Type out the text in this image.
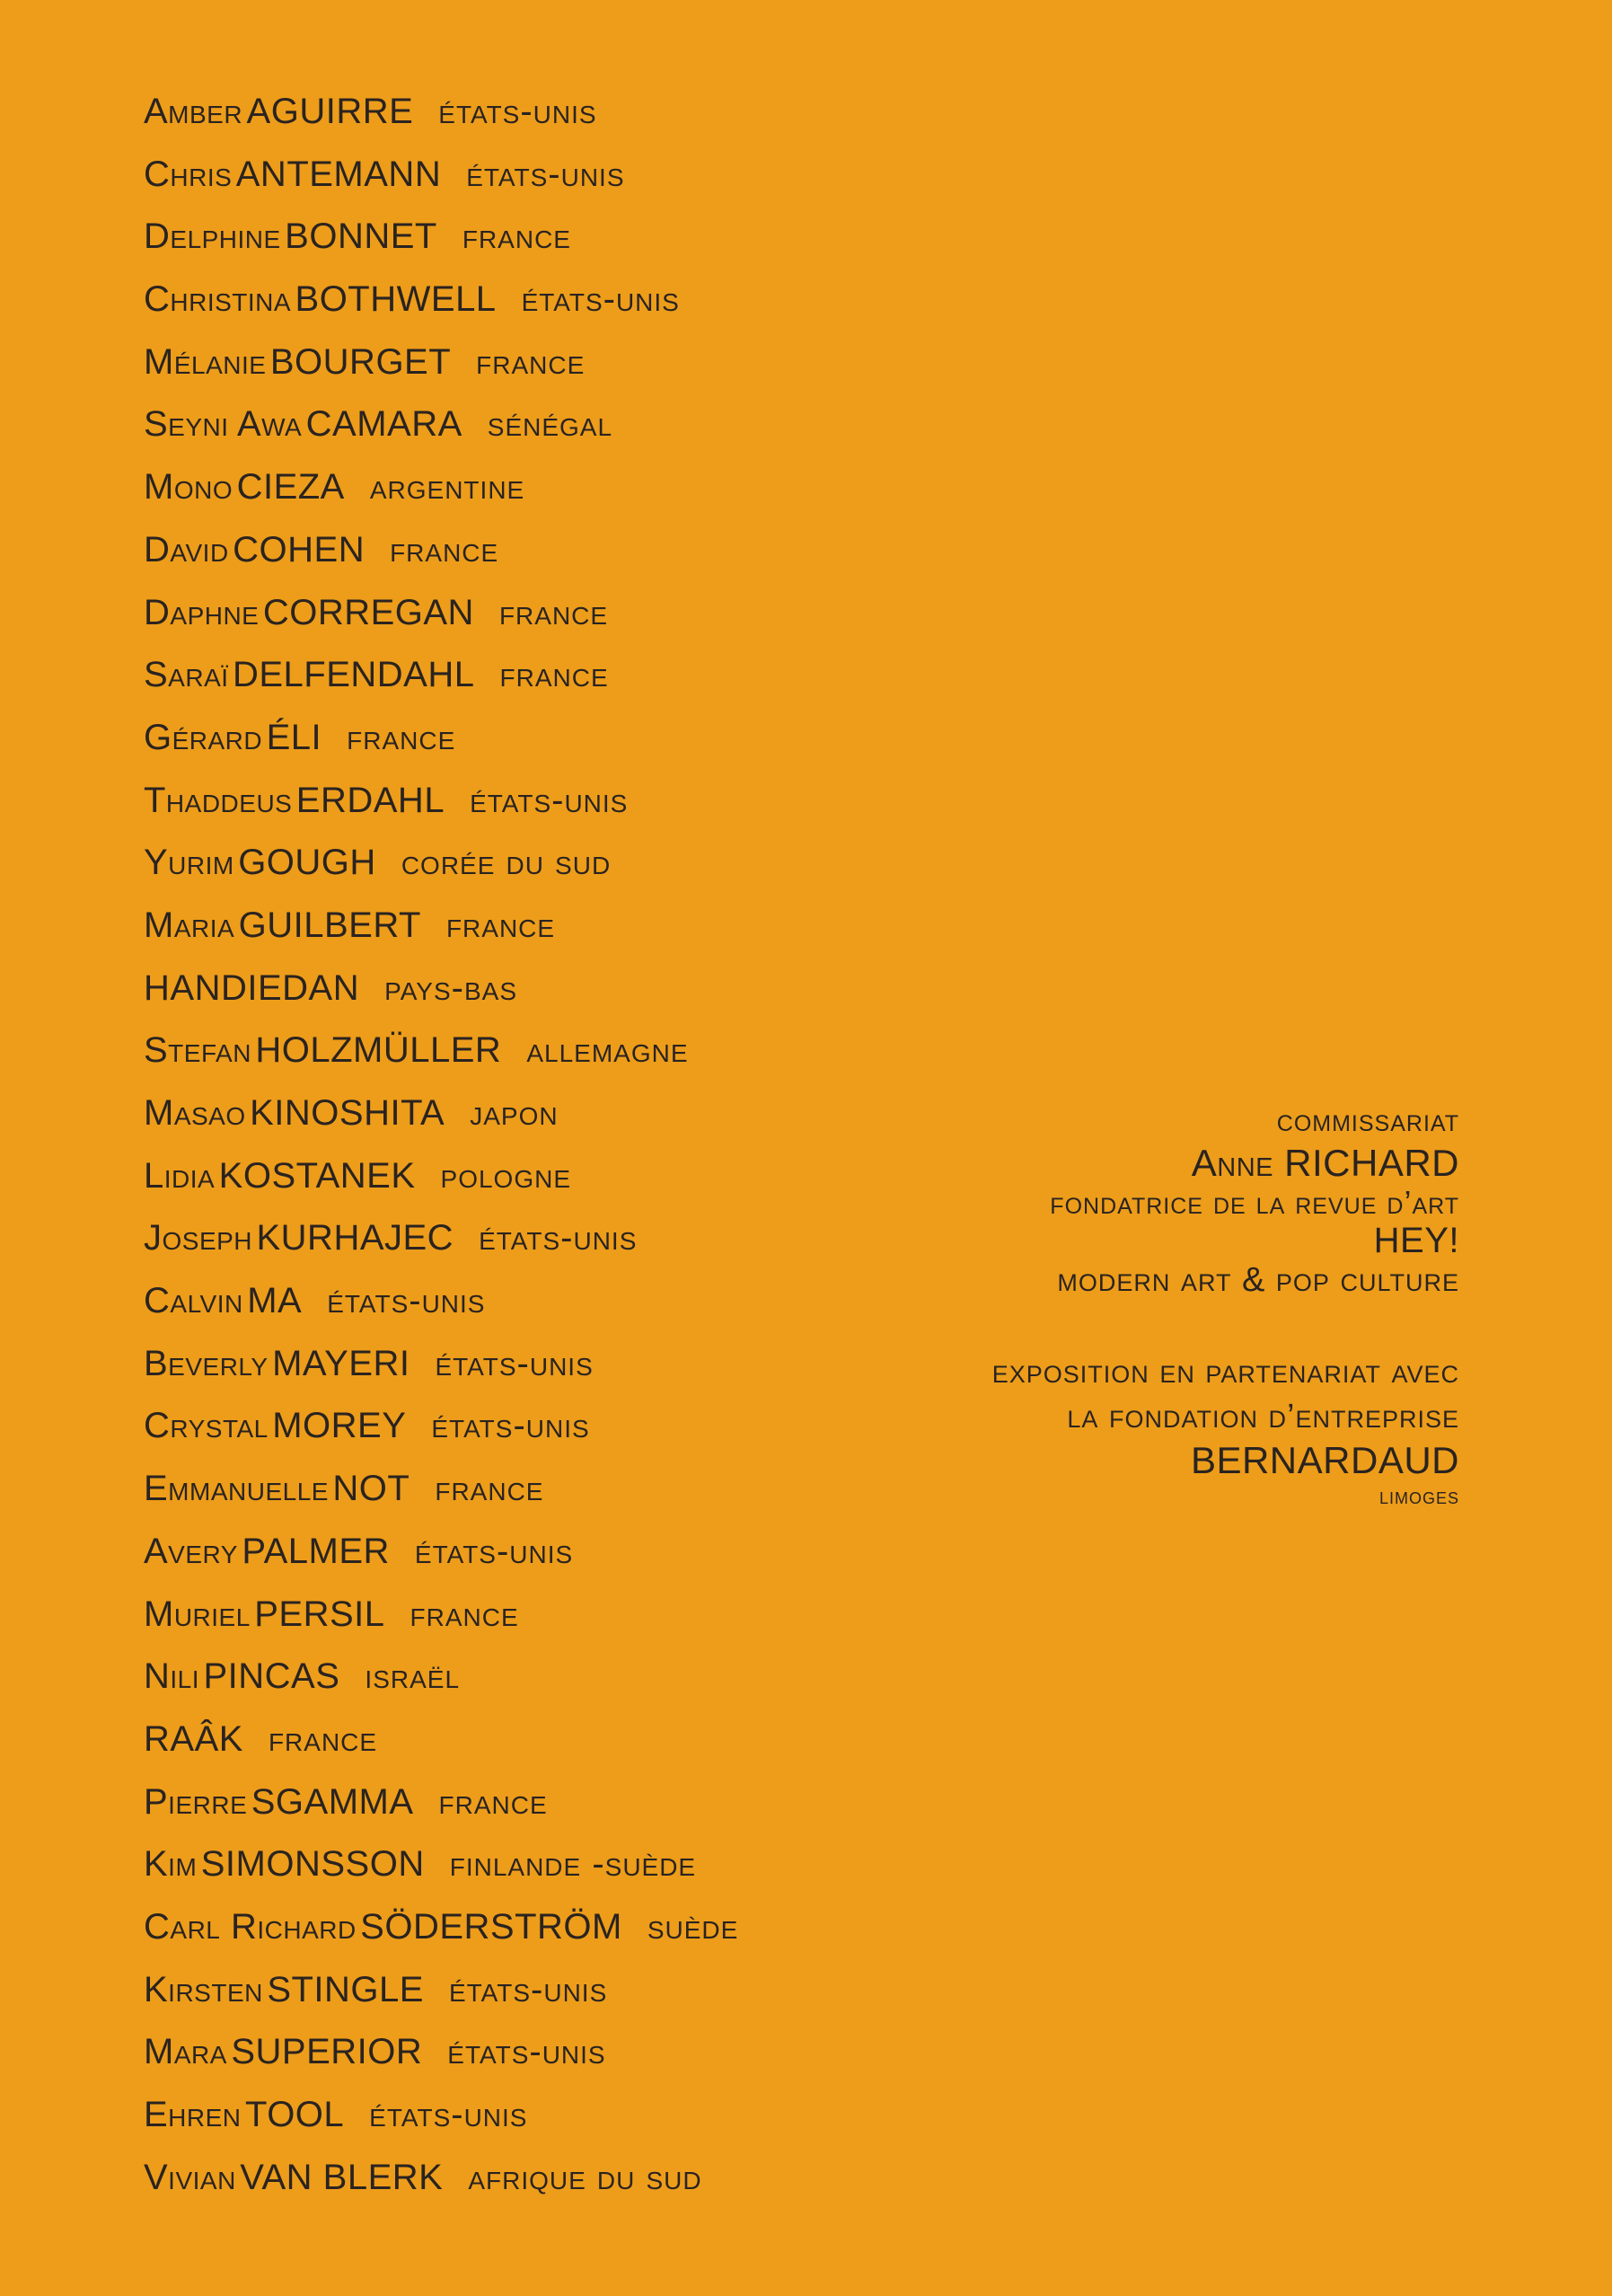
Amber AGUIRRE états-unis
Chris ANTEMANN états-unis
Delphine BONNET france
Christina BOTHWELL états-unis
Mélanie BOURGET france
Seyni Awa CAMARA sénégal
Mono CIEZA argentine
David COHEN france
Daphne CORREGAN france
Saraï DELFENDAHL france
Gérard ÉLI france
Thaddeus ERDAHL états-unis
Yurim GOUGH corée du sud
Maria GUILBERT france
HANDIEDAN pays-bas
Stefan HOLZMÜLLER allemagne
Masao KINOSHITA japon
Lidia KOSTANEK pologne
Joseph KURHAJEC états-unis
Calvin MA états-unis
Beverly MAYERI états-unis
Crystal MOREY états-unis
Emmanuelle NOT france
Avery PALMER états-unis
Muriel PERSIL france
Nili PINCAS israël
RAÂK france
Pierre SGAMMA france
Kim SIMONSSON finlande -suède
Carl Richard SÖDERSTRÖM suède
Kirsten STINGLE états-unis
Mara SUPERIOR états-unis
Ehren TOOL états-unis
Vivian VAN BLERK afrique du sud
commissariat
Anne RICHARD
fondatrice de la revue d’art
HEY!
modern art & pop culture
exposition en partenariat avec
la fondation d’entreprise
BERNARDAUD
limoges
